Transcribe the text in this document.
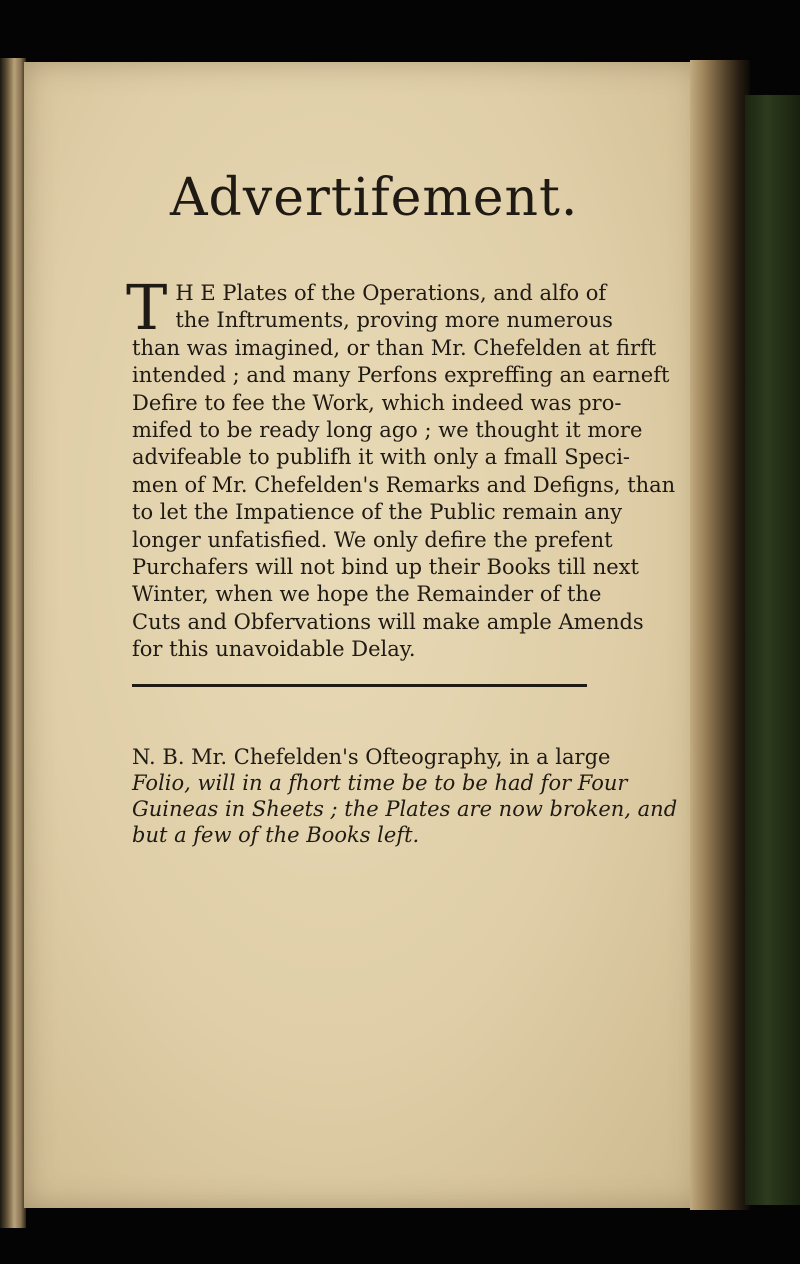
Advertifement.
T H E Plates of the Operations, and alfo of
the Inftruments, proving more numerous
than was imagined, or than Mr. Chefelden at firft
intended ; and many Perfons expreffing an earneft
Defire to fee the Work, which indeed was pro-
mifed to be ready long ago ; we thought it more
advifeable to publifh it with only a fmall Speci-
men of Mr. Chefelden's Remarks and Defigns, than
to let the Impatience of the Public remain any
longer unfatisfied. We only defire the prefent
Purchafers will not bind up their Books till next
Winter, when we hope the Remainder of the
Cuts and Obfervations will make ample Amends
for this unavoidable Delay.
N. B. Mr. Chefelden's Ofteography, in a large
Folio, will in a fhort time be to be had for Four
Guineas in Sheets ; the Plates are now broken, and
but a few of the Books left.
